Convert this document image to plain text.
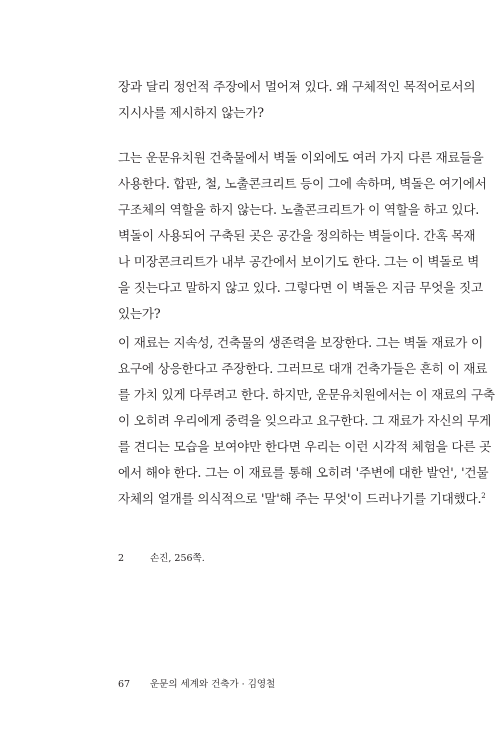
장과 달리 정언적 주장에서 멀어져 있다. 왜 구체적인 목적어로서의
지시사를 제시하지 않는가?
그는 운문유치원 건축물에서 벽돌 이외에도 여러 가지 다른 재료들을
사용한다. 합판, 철, 노출콘크리트 등이 그에 속하며, 벽돌은 여기에서
구조체의 역할을 하지 않는다. 노출콘크리트가 이 역할을 하고 있다.
벽돌이 사용되어 구축된 곳은 공간을 정의하는 벽들이다. 간혹 목재
나 미장콘크리트가 내부 공간에서 보이기도 한다. 그는 이 벽돌로 벽
을 짓는다고 말하지 않고 있다. 그렇다면 이 벽돌은 지금 무엇을 짓고
있는가?
이 재료는 지속성, 건축물의 생존력을 보장한다. 그는 벽돌 재료가 이
요구에 상응한다고 주장한다. 그러므로 대개 건축가들은 흔히 이 재료
를 가치 있게 다루려고 한다. 하지만, 운문유치원에서는 이 재료의 구축
이 오히려 우리에게 중력을 잊으라고 요구한다. 그 재료가 자신의 무게
를 견디는 모습을 보여야만 한다면 우리는 이런 시각적 체험을 다른 곳
에서 해야 한다. 그는 이 재료를 통해 오히려 '주변에 대한 발언', '건물
자체의 얼개를 의식적으로 '말'해 주는 무엇'이 드러나기를 기대했다.$^2$
2	손진, 256쪽.
67 운문의 세계와 건축가 · 김영철
